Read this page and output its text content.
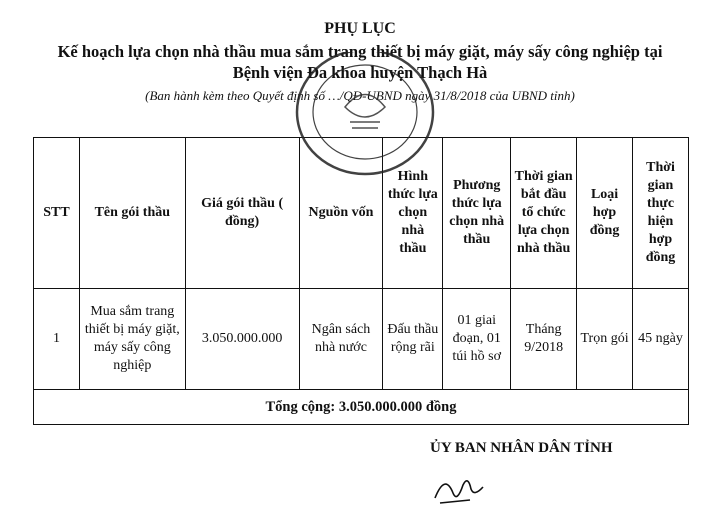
PHỤ LỤC
Kế hoạch lựa chọn nhà thầu mua sắm trang thiết bị máy giặt, máy sấy công nghiệp tại Bệnh viện Đa khoa huyện Thạch Hà
(Ban hành kèm theo Quyết định số …/QĐ-UBND ngày 31/8/2018 của UBND tỉnh)
STT	Tên gói thầu	Giá gói thầu ( đồng)	Nguồn vốn	Hình thức lựa chọn nhà thầu	Phương thức lựa chọn nhà thầu	Thời gian bắt đầu tổ chức lựa chọn nhà thầu	Loại hợp đồng	Thời gian thực hiện hợp đồng
1	Mua sắm trang thiết bị máy giặt, máy sấy công nghiệp	3.050.000.000	Ngân sách nhà nước	Đấu thầu rộng rãi	01 giai đoạn, 01 túi hồ sơ	Tháng 9/2018	Trọn gói	45 ngày
Tổng cộng: 3.050.000.000 đồng								
ỦY BAN NHÂN DÂN TỈNH
